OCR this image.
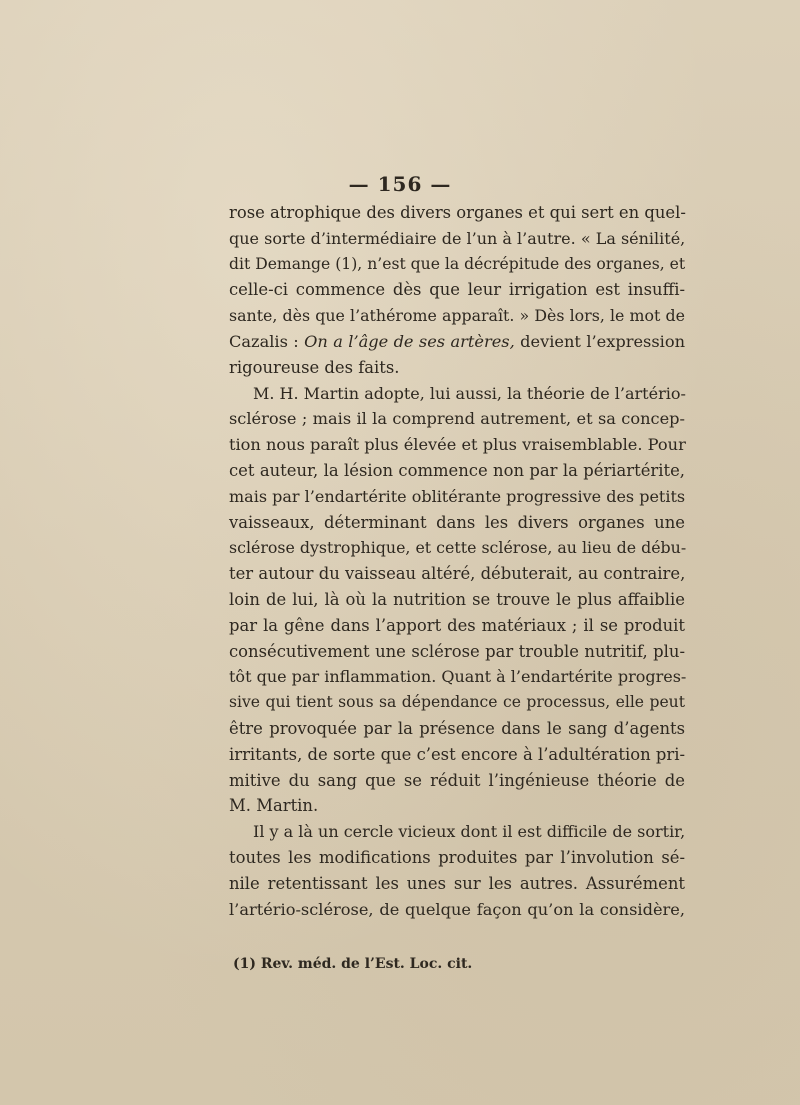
— 156 —
rose atrophique des divers organes et qui sert en quel-
que sorte d’intermédiaire de l’un à l’autre. « La sénilité,
dit Demange (1), n’est que la décrépitude des organes, et
celle-ci commence dès que leur irrigation est insuffi-
sante, dès que l’athérome apparaît. » Dès lors, le mot de
Cazalis : On a l’âge de ses artères, devient l’expression
rigoureuse des faits.
M. H. Martin adopte, lui aussi, la théorie de l’artério-
sclérose ; mais il la comprend autrement, et sa concep-
tion nous paraît plus élevée et plus vraisemblable. Pour
cet auteur, la lésion commence non par la périartérite,
mais par l’endartérite oblitérante progressive des petits
vaisseaux, déterminant dans les divers organes une
sclérose dystrophique, et cette sclérose, au lieu de débu-
ter autour du vaisseau altéré, débuterait, au contraire,
loin de lui, là où la nutrition se trouve le plus affaiblie
par la gêne dans l’apport des matériaux ; il se produit
consécutivement une sclérose par trouble nutritif, plu-
tôt que par inflammation. Quant à l’endartérite progres-
sive qui tient sous sa dépendance ce processus, elle peut
être provoquée par la présence dans le sang d’agents
irritants, de sorte que c’est encore à l’adultération pri-
mitive du sang que se réduit l’ingénieuse théorie de
M. Martin.
Il y a là un cercle vicieux dont il est difficile de sortir,
toutes les modifications produites par l’involution sé-
nile retentissant les unes sur les autres. Assurément
l’artério-sclérose, de quelque façon qu’on la considère,
(1) Rev. méd. de l’Est. Loc. cit.
